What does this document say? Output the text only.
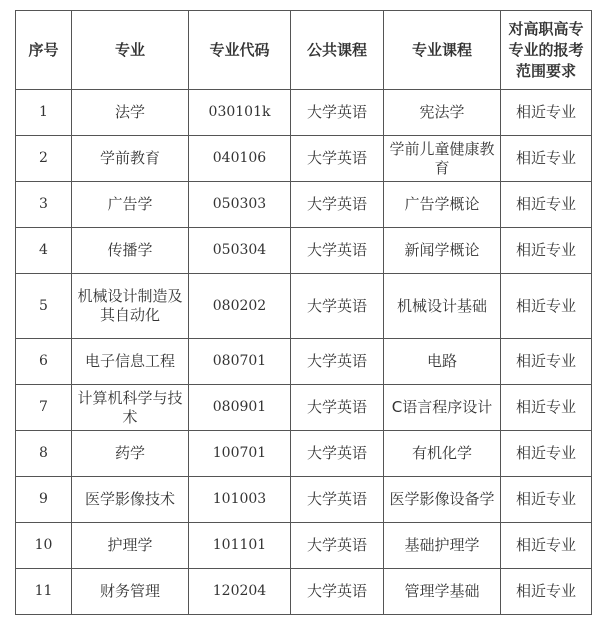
序号	专业	专业代码	公共课程	专业课程	对高职高专专业的报考范围要求
1	法学	030101k	大学英语	宪法学	相近专业
2	学前教育	040106	大学英语	学前儿童健康教育	相近专业
3	广告学	050303	大学英语	广告学概论	相近专业
4	传播学	050304	大学英语	新闻学概论	相近专业
5	机械设计制造及其自动化	080202	大学英语	机械设计基础	相近专业
6	电子信息工程	080701	大学英语	电路	相近专业
7	计算机科学与技术	080901	大学英语	C语言程序设计	相近专业
8	药学	100701	大学英语	有机化学	相近专业
9	医学影像技术	101003	大学英语	医学影像设备学	相近专业
10	护理学	101101	大学英语	基础护理学	相近专业
11	财务管理	120204	大学英语	管理学基础	相近专业
